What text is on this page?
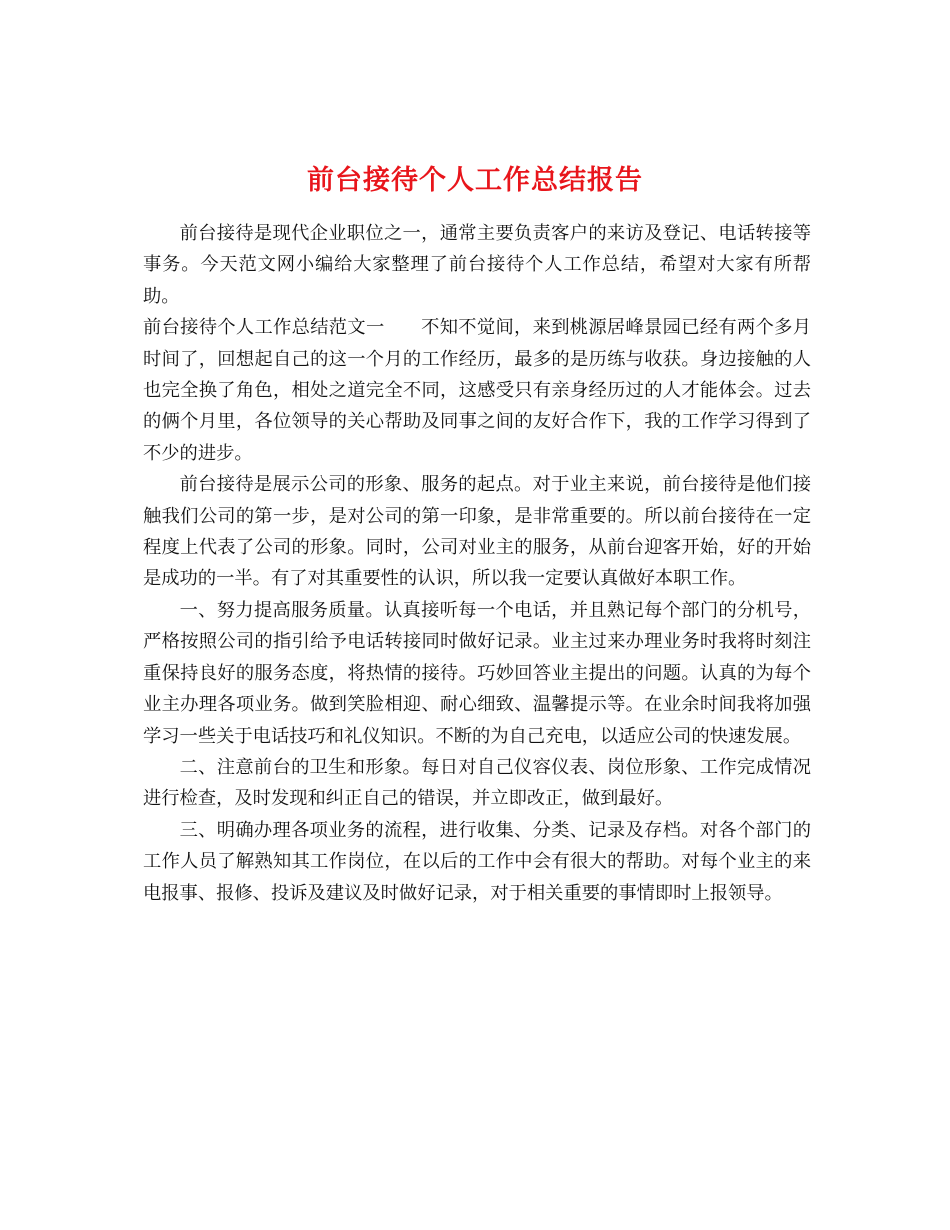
前台接待个人工作总结报告

前台接待是现代企业职位之一，通常主要负责客户的来访及登记、电话转接等事务。今天范文网小编给大家整理了前台接待个人工作总结，希望对大家有所帮助。

前台接待个人工作总结范文一 不知不觉间，来到桃源居峰景园已经有两个多月时间了，回想起自己的这一个月的工作经历，最多的是历练与收获。身边接触的人也完全换了角色，相处之道完全不同，这感受只有亲身经历过的人才能体会。过去的俩个月里，各位领导的关心帮助及同事之间的友好合作下，我的工作学习得到了不少的进步。

前台接待是展示公司的形象、服务的起点。对于业主来说，前台接待是他们接触我们公司的第一步，是对公司的第一印象，是非常重要的。所以前台接待在一定程度上代表了公司的形象。同时，公司对业主的服务，从前台迎客开始，好的开始是成功的一半。有了对其重要性的认识，所以我一定要认真做好本职工作。

一、努力提高服务质量。认真接听每一个电话，并且熟记每个部门的分机号，严格按照公司的指引给予电话转接同时做好记录。业主过来办理业务时我将时刻注重保持良好的服务态度，将热情的接待。巧妙回答业主提出的问题。认真的为每个业主办理各项业务。做到笑脸相迎、耐心细致、温馨提示等。在业余时间我将加强学习一些关于电话技巧和礼仪知识。不断的为自己充电，以适应公司的快速发展。

二、注意前台的卫生和形象。每日对自己仪容仪表、岗位形象、工作完成情况进行检查，及时发现和纠正自己的错误，并立即改正，做到最好。

三、明确办理各项业务的流程，进行收集、分类、记录及存档。对各个部门的工作人员了解熟知其工作岗位，在以后的工作中会有很大的帮助。对每个业主的来电报事、报修、投诉及建议及时做好记录，对于相关重要的事情即时上报领导。
